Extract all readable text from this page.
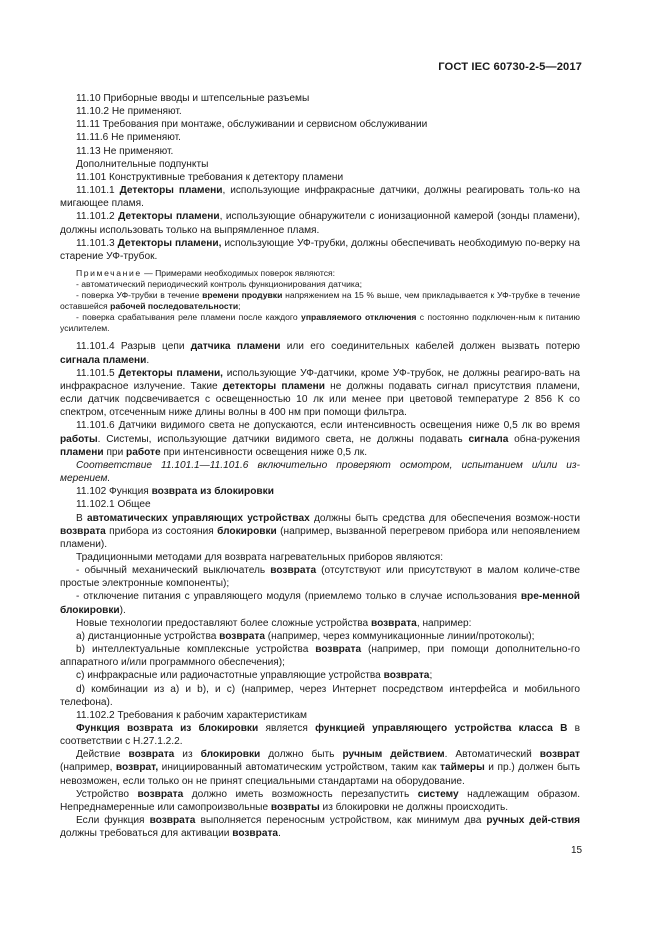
ГОСТ IEC 60730-2-5—2017

11.10 Приборные вводы и штепсельные разъемы

11.10.2 Не применяют.

11.11 Требования при монтаже, обслуживании и сервисном обслуживании

11.11.6 Не применяют.

11.13 Не применяют.

Дополнительные подпункты

11.101 Конструктивные требования к детектору пламени

11.101.1 Детекторы пламени, использующие инфракрасные датчики, должны реагировать толь-ко на мигающее пламя.

11.101.2 Детекторы пламени, использующие обнаружители с ионизационной камерой (зонды пламени), должны использовать только на выпрямленное пламя.

11.101.3 Детекторы пламени, использующие УФ-трубки, должны обеспечивать необходимую по-верку на старение УФ-трубок.

Примечание — Примерами необходимых поверок являются:

- автоматический периодический контроль функционирования датчика;

- поверка УФ-трубки в течение времени продувки напряжением на 15 % выше, чем прикладывается к УФ-трубке в течение оставшейся рабочей последовательности;

- поверка срабатывания реле пламени после каждого управляемого отключения с постоянно подключен-ным к питанию усилителем.

11.101.4 Разрыв цепи датчика пламени или его соединительных кабелей должен вызвать потерю сигнала пламени.

11.101.5 Детекторы пламени, использующие УФ-датчики, кроме УФ-трубок, не должны реагиро-вать на инфракрасное излучение. Такие детекторы пламени не должны подавать сигнал присутствия пламени, если датчик подсвечивается с освещенностью 10 лк или менее при цветовой температуре 2 856 К со спектром, отсеченным ниже длины волны в 400 нм при помощи фильтра.

11.101.6 Датчики видимого света не допускаются, если интенсивность освещения ниже 0,5 лк во время работы. Системы, использующие датчики видимого света, не должны подавать сигнала обна-ружения пламени при работе при интенсивности освещения ниже 0,5 лк.

Соответствие 11.101.1—11.101.6 включительно проверяют осмотром, испытанием и/или из-мерением.

11.102 Функция возврата из блокировки

11.102.1 Общее

В автоматических управляющих устройствах должны быть средства для обеспечения возмож-ности возврата прибора из состояния блокировки (например, вызванной перегревом прибора или непоявлением пламени).

Традиционными методами для возврата нагревательных приборов являются:

- обычный механический выключатель возврата (отсутствуют или присутствуют в малом количе-стве простые электронные компоненты);

- отключение питания с управляющего модуля (приемлемо только в случае использования вре-менной блокировки).

Новые технологии предоставляют более сложные устройства возврата, например:

а) дистанционные устройства возврата (например, через коммуникационные линии/протоколы);

b) интеллектуальные комплексные устройства возврата (например, при помощи дополнительно-го аппаратного и/или программного обеспечения);

с) инфракрасные или радиочастотные управляющие устройства возврата;

d) комбинации из а) и b), и с) (например, через Интернет посредством интерфейса и мобильного телефона).

11.102.2 Требования к рабочим характеристикам

Функция возврата из блокировки является функцией управляющего устройства класса В в соответствии с Н.27.1.2.2.

Действие возврата из блокировки должно быть ручным действием. Автоматический возврат (например, возврат, инициированный автоматическим устройством, таким как таймеры и пр.) должен быть невозможен, если только он не принят специальными стандартами на оборудование.

Устройство возврата должно иметь возможность перезапустить систему надлежащим образом. Непреднамеренные или самопроизвольные возвраты из блокировки не должны происходить.

Если функция возврата выполняется переносным устройством, как минимум два ручных дей-ствия должны требоваться для активации возврата.

15
